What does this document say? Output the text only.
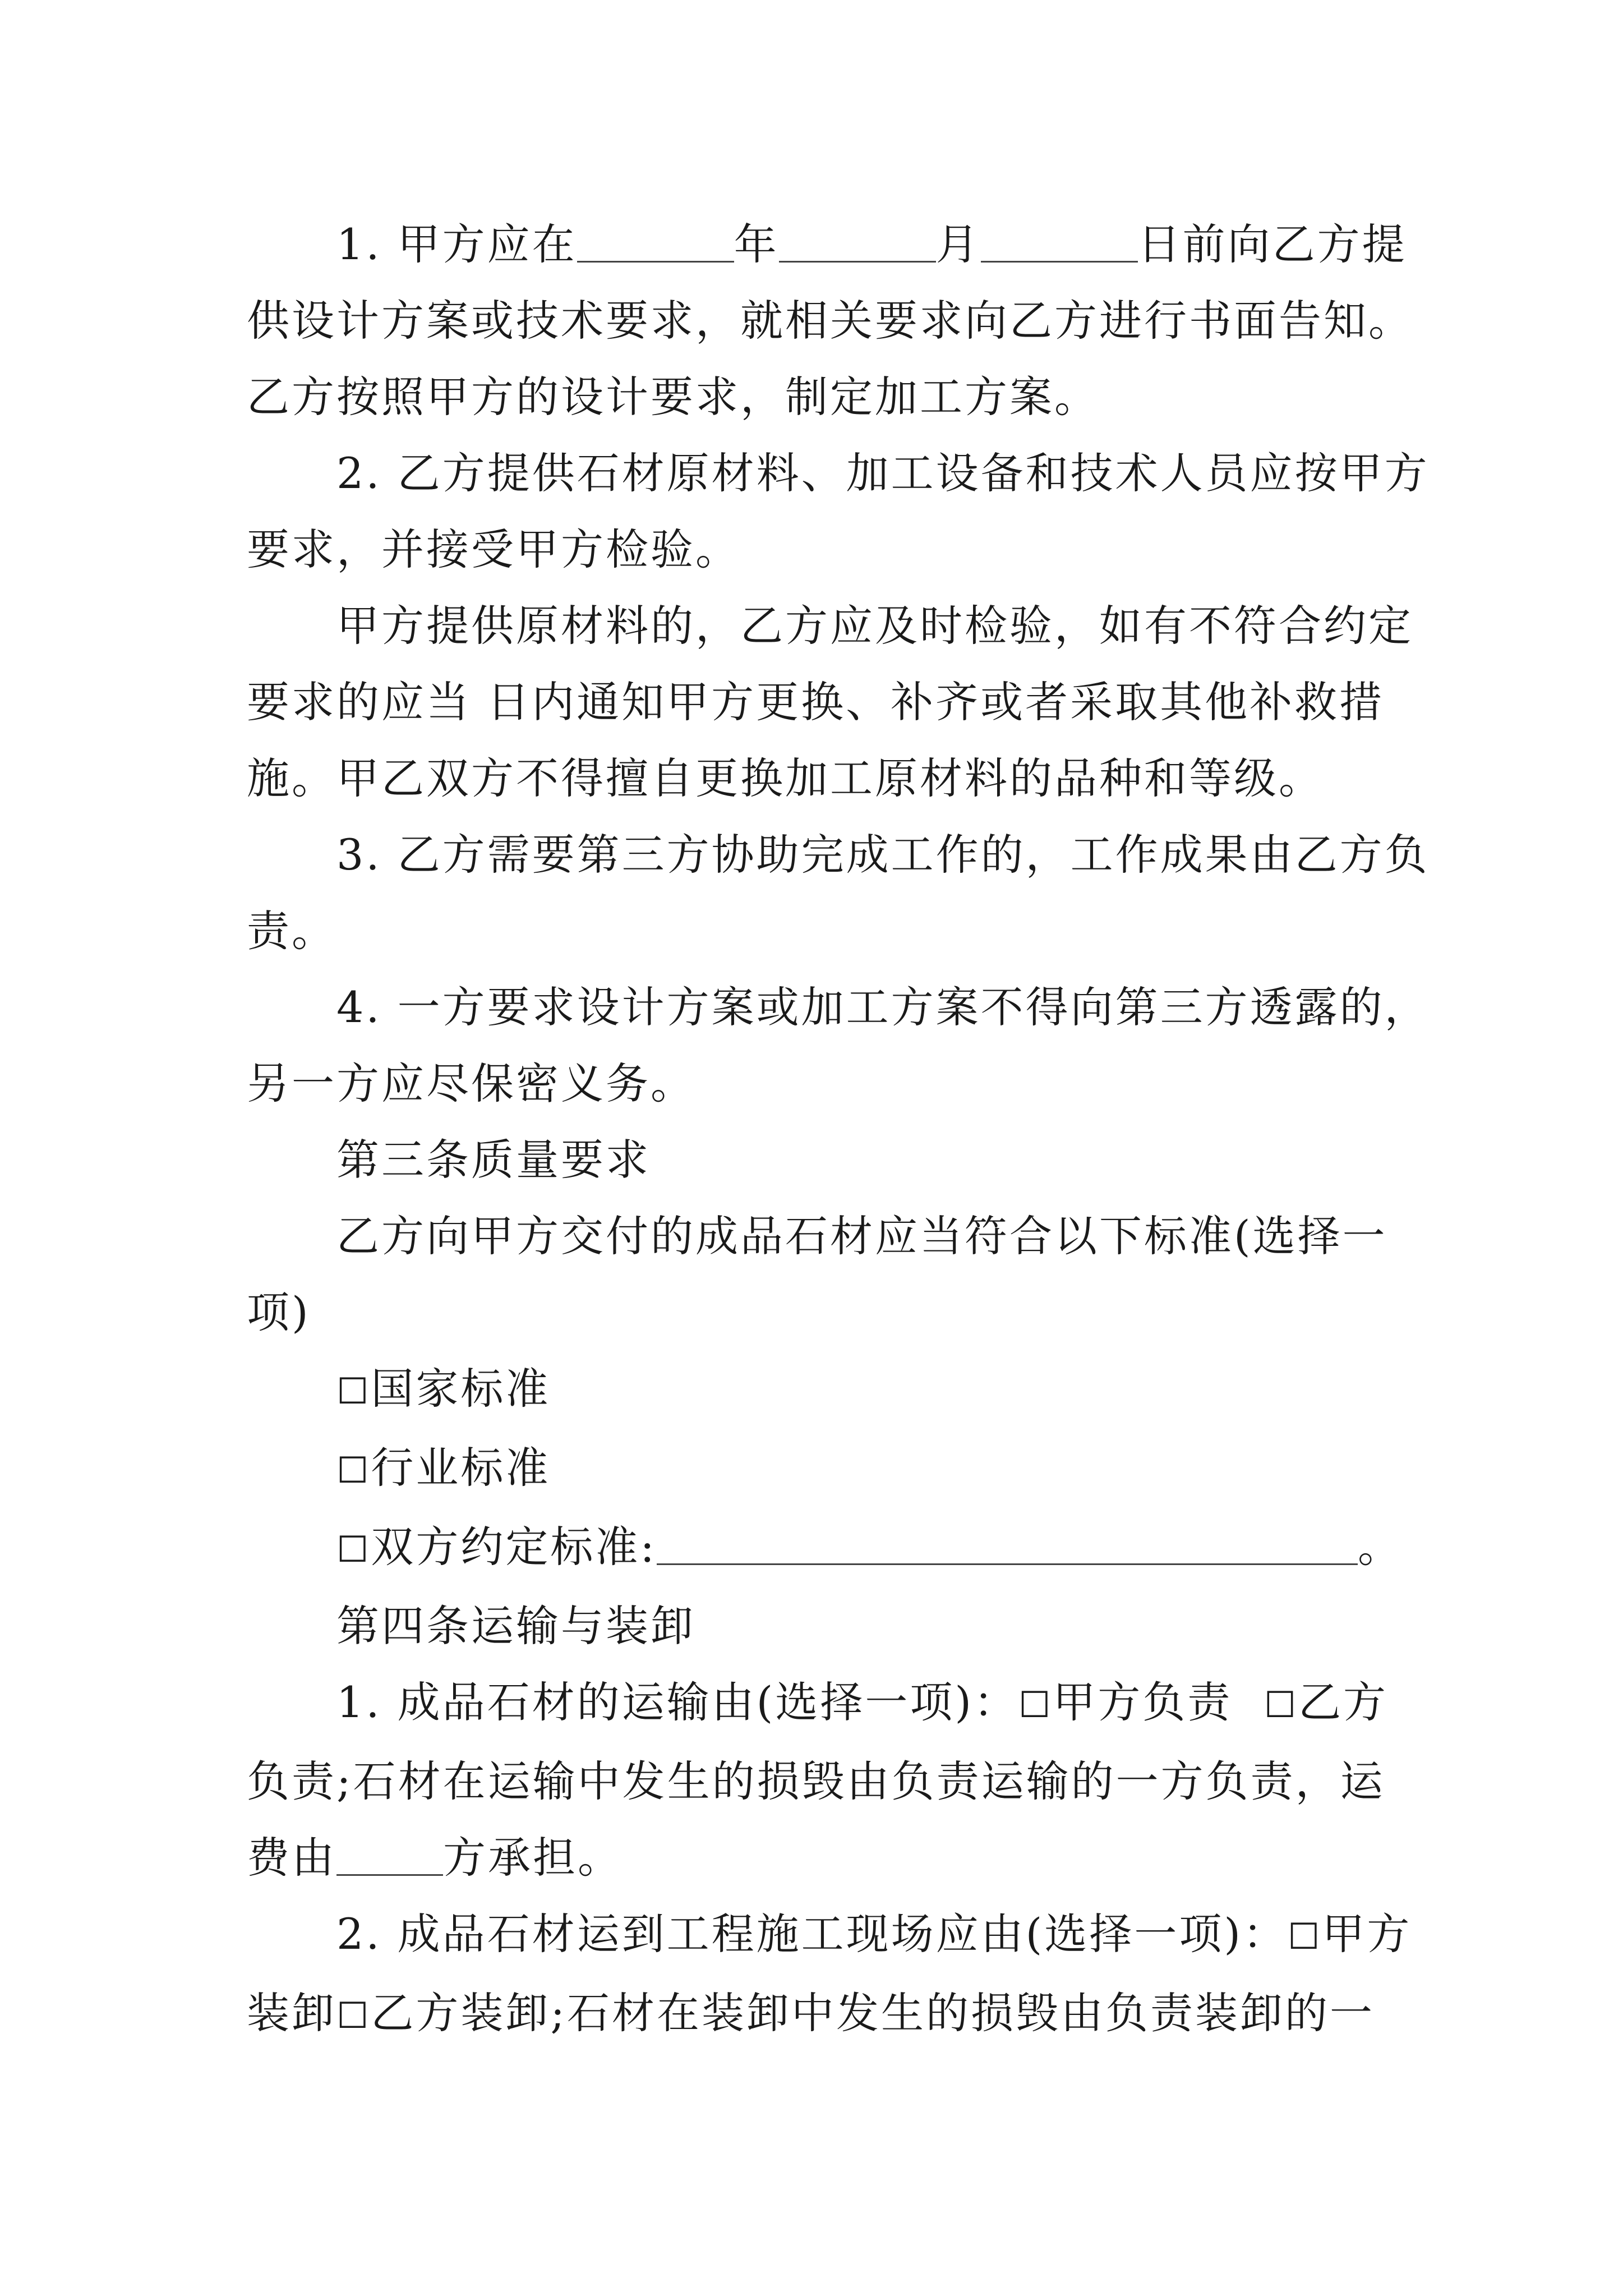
1. 甲方应在	年	月	日前向乙方提

供设计方案或技术要求，就相关要求向乙方进行书面告知。

乙方按照甲方的设计要求，制定加工方案。

2. 乙方提供石材原材料、加工设备和技术人员应按甲方

要求，并接受甲方检验。

甲方提供原材料的，乙方应及时检验，如有不符合约定

要求的应当 日内通知甲方更换、补齐或者采取其他补救措

施。甲乙双方不得擅自更换加工原材料的品种和等级。

3. 乙方需要第三方协助完成工作的，工作成果由乙方负

责。

4. 一方要求设计方案或加工方案不得向第三方透露的，

另一方应尽保密义务。

第三条质量要求

乙方向甲方交付的成品石材应当符合以下标准(选择一

项)

☐国家标准

☐行业标准

☐双方约定标准:	。

第四条运输与装卸

1. 成品石材的运输由(选择一项)：☐甲方负责 ☐乙方

负责;石材在运输中发生的损毁由负责运输的一方负责，运

费由	方承担。

2. 成品石材运到工程施工现场应由(选择一项)：☐甲方

装卸☐乙方装卸;石材在装卸中发生的损毁由负责装卸的一
